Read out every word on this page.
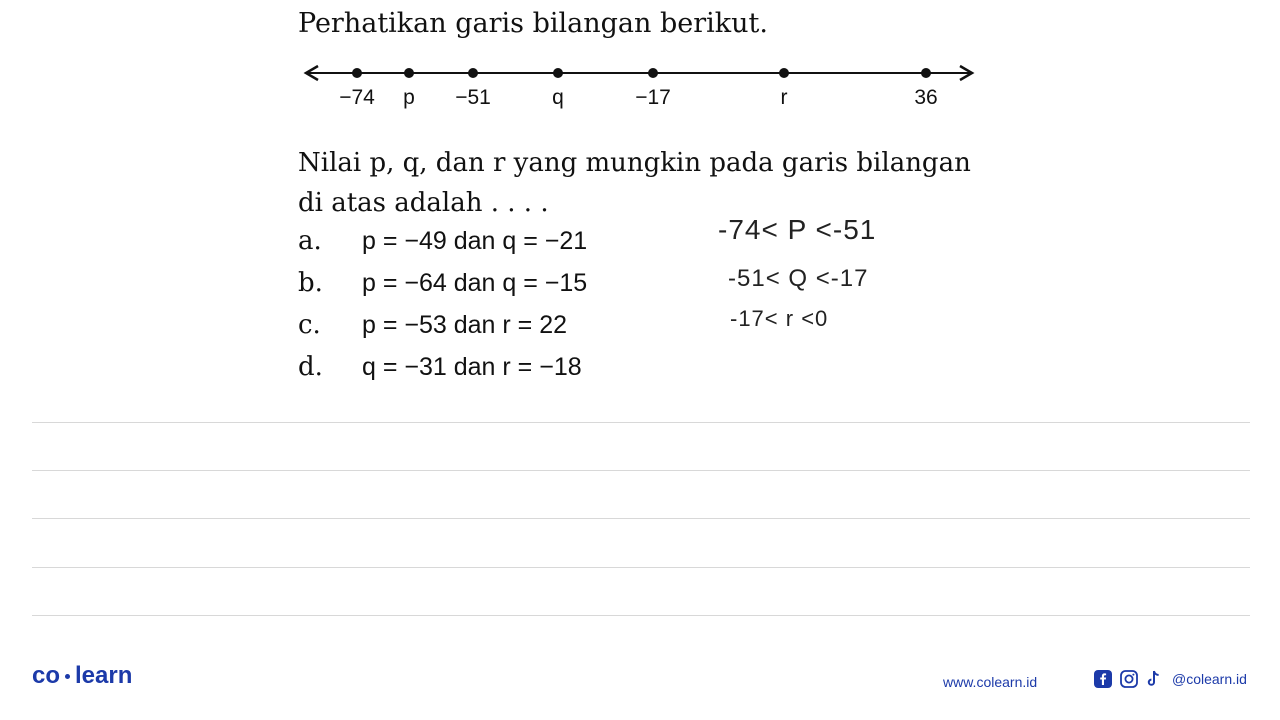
Perhatikan garis bilangan berikut.
−74 p −51	q	−17	r	36
Nilai p, q, dan r yang mungkin pada garis bilangan di atas adalah . . . .
a. p = −49 dan q = −21
b. p = −64 dan q = −15
c. p = −53 dan r = 22
d. q = −31 dan r = −18
-74< P <-51
-51< Q <-17
-17< r <0
co learn	www.colearn.id	@colearn.id
